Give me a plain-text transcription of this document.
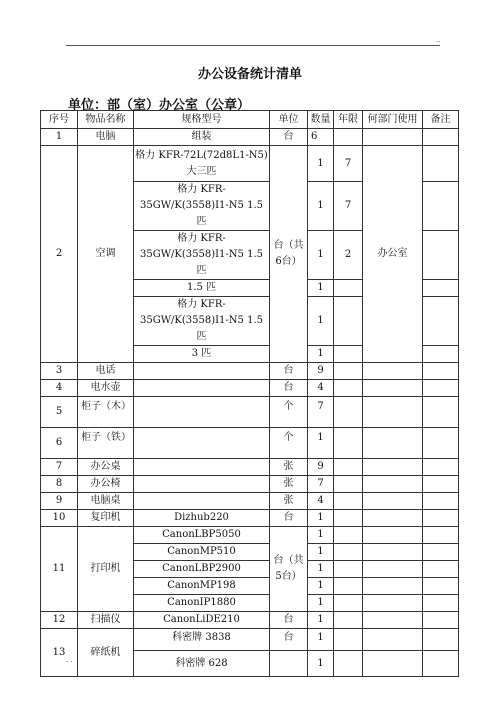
..
办公设备统计清单
单位：部（室）办公室（公章）
序号	物品名称	规格型号	单位	数量	年限	何部门使用	备注
1	电脑	组装	台	6			
2	空调	格力 KFR-72L(72d8L1-N5) 大三匹	台（共6台）	1	7	办公室	
		格力 KFR-35GW/K(3558)I1-N5 1.5 匹		1	7		
		格力 KFR-35GW/K(3558)I1-N5 1.5 匹		1	2		
		1.5 匹		1			
		格力 KFR-35GW/K(3558)I1-N5 1.5 匹		1			
		3 匹		1			
3	电话		台	9			
4	电水壶		台	4			
5	柜子（木）		个	7			
6	柜子（铁）		个	1			
7	办公桌		张	9			
8	办公椅		张	7			
9	电脑桌		张	4			
10	复印机	Dizhub220	台	1			
11	打印机	CanonLBP5050	台（共5台）	1			
		CanonMP510		1			
		CanonLBP2900		1			
		CanonMP198		1			
		CanonIP1880		1			
12	扫描仪	CanonLiDE210	台	1			
13	碎纸机	科密牌 3838	台	1			
		科密牌 628		1			
. .
